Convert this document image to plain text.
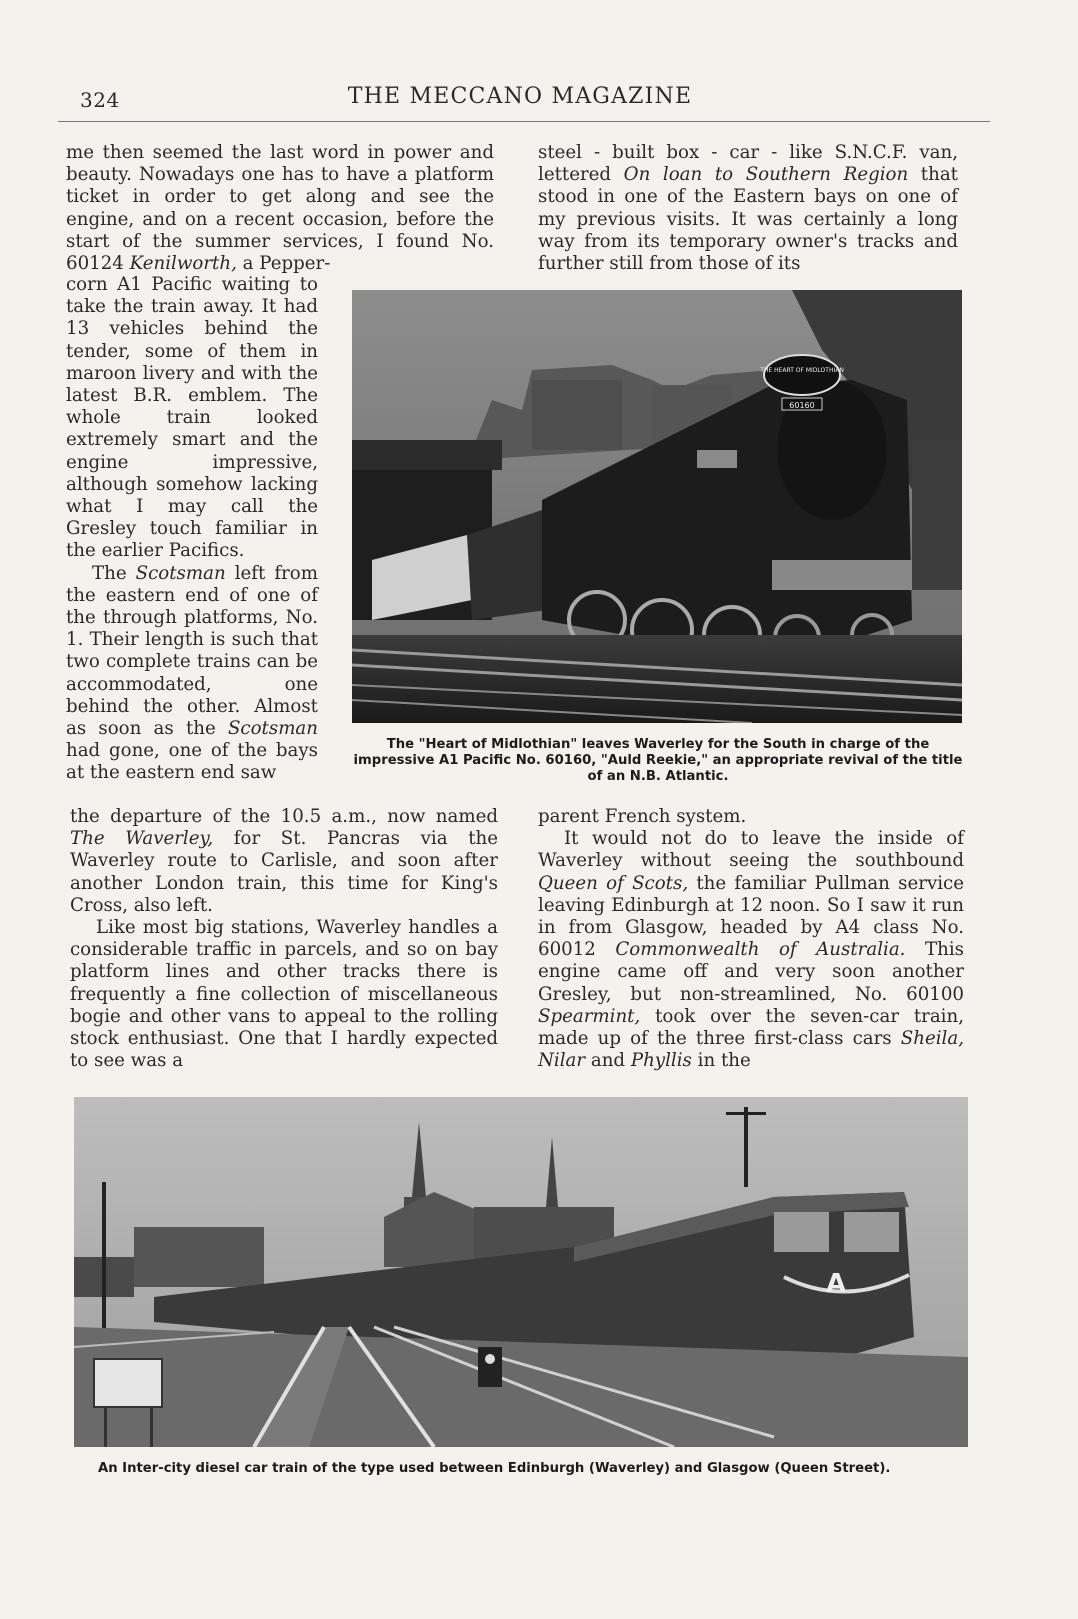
324	THE MECCANO MAGAZINE

me then seemed the last word in power and beauty. Nowadays one has to have a platform ticket in order to get along and see the engine, and on a recent occasion, before the start of the summer services, I found No. 60124 Kenilworth, a Pepper-

corn A1 Pacific waiting to take the train away. It had 13 vehicles behind the tender, some of them in maroon livery and with the latest B.R. emblem. The whole train looked extremely smart and the engine impressive, although somehow lacking what I may call the Gresley touch familiar in the earlier Pacifics.

The Scotsman left from the eastern end of one of the through platforms, No. 1. Their length is such that two complete trains can be accommodated, one behind the other. Almost as soon as the Scotsman had gone, one of the bays at the eastern end saw

the departure of the 10.5 a.m., now named The Waverley, for St. Pancras via the Waverley route to Carlisle, and soon after another London train, this time for King's Cross, also left.

Like most big stations, Waverley handles a considerable traffic in parcels, and so on bay platform lines and other tracks there is frequently a fine collection of miscellaneous bogie and other vans to appeal to the rolling stock enthusiast. One that I hardly expected to see was a

steel - built box - car - like S.N.C.F. van, lettered On loan to Southern Region that stood in one of the Eastern bays on one of my previous visits. It was certainly a long way from its temporary owner's tracks and further still from those of its

parent French system.

It would not do to leave the inside of Waverley without seeing the southbound Queen of Scots, the familiar Pullman service leaving Edinburgh at 12 noon. So I saw it run in from Glasgow, headed by A4 class No. 60012 Commonwealth of Australia. This engine came off and very soon another Gresley, but non-streamlined, No. 60100 Spearmint, took over the seven-car train, made up of the three first-class cars Sheila, Nilar and Phyllis in the

THE HEART OF MIDLOTHIAN
60160
The "Heart of Midlothian" leaves Waverley for the South in charge of the impressive A1 Pacific No. 60160, "Auld Reekie," an appropriate revival of the title of an N.B. Atlantic.
A
An Inter-city diesel car train of the type used between Edinburgh (Waverley) and Glasgow (Queen Street).
